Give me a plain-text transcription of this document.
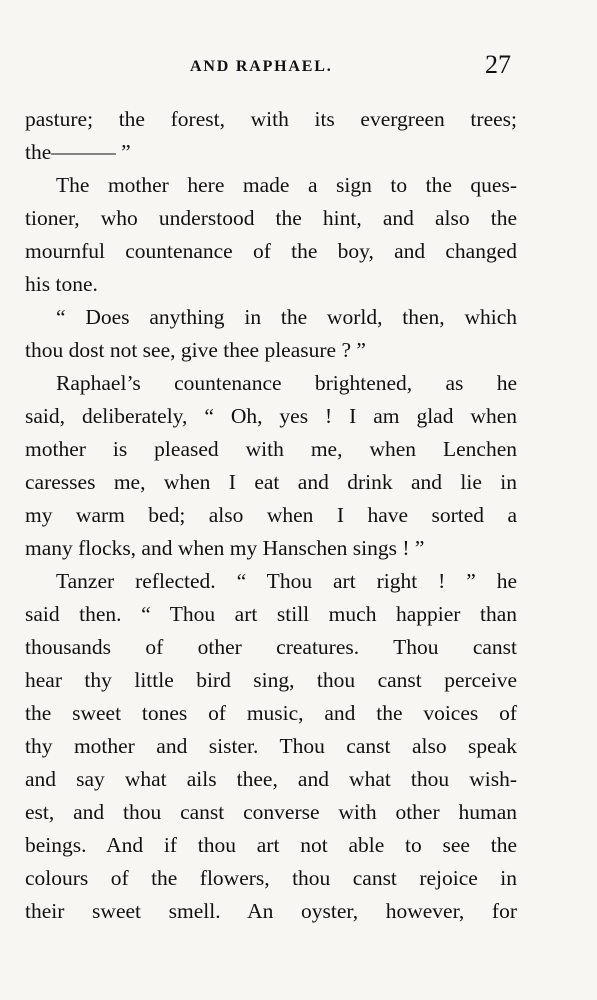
AND RAPHAEL.	27
pasture; the forest, with its evergreen trees;
the——— ”
The mother here made a sign to the ques-
tioner, who understood the hint, and also the
mournful countenance of the boy, and changed
his tone.
“ Does anything in the world, then, which
thou dost not see, give thee pleasure ? ”
Raphael’s countenance brightened, as he
said, deliberately, “ Oh, yes ! I am glad when
mother is pleased with me, when Lenchen
caresses me, when I eat and drink and lie in
my warm bed; also when I have sorted a
many flocks, and when my Hanschen sings ! ”
Tanzer reflected. “ Thou art right ! ” he
said then. “ Thou art still much happier than
thousands of other creatures. Thou canst
hear thy little bird sing, thou canst perceive
the sweet tones of music, and the voices of
thy mother and sister. Thou canst also speak
and say what ails thee, and what thou wish-
est, and thou canst converse with other human
beings. And if thou art not able to see the
colours of the flowers, thou canst rejoice in
their sweet smell. An oyster, however, for
